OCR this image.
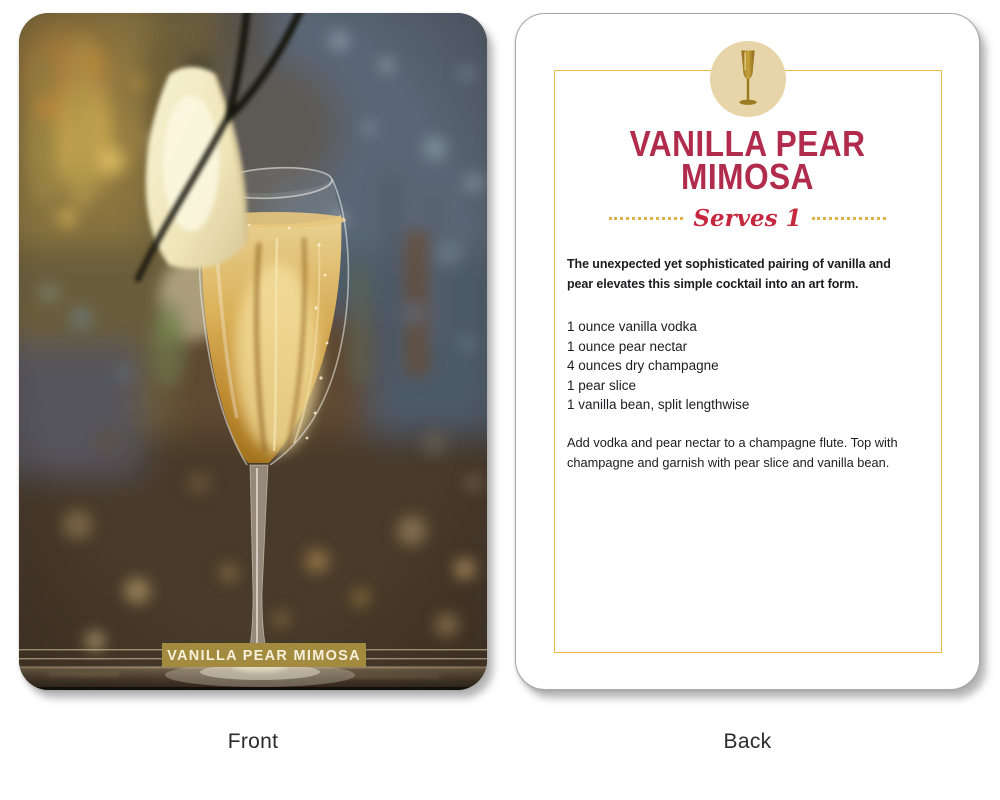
VANILLA PEAR MIMOSA
VANILLA PEAR
MIMOSA
Serves 1
The unexpected yet sophisticated pairing of vanilla and
pear elevates this simple cocktail into an art form.
1 ounce vanilla vodka
1 ounce pear nectar
4 ounces dry champagne
1 pear slice
1 vanilla bean, split lengthwise
Add vodka and pear nectar to a champagne flute. Top with
champagne and garnish with pear slice and vanilla bean.
Front	Back
